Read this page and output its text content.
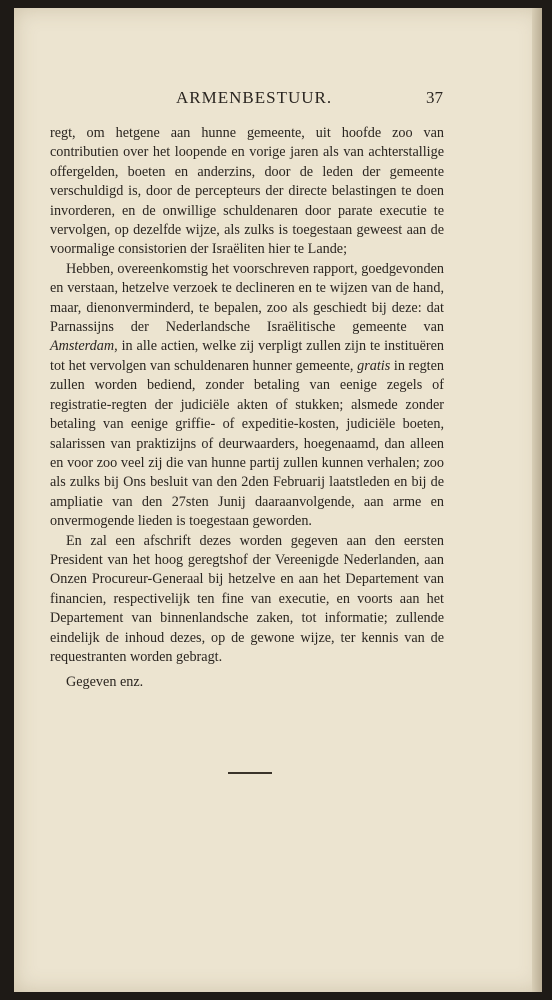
ARMENBESTUUR.	37

regt, om hetgene aan hunne gemeente, uit hoofde zoo van contributien over het loopende en vorige jaren als van achterstallige offergelden, boeten en anderzins, door de leden der gemeente verschuldigd is, door de percepteurs der directe belastingen te doen invorderen, en de onwillige schuldenaren door parate executie te vervolgen, op dezelfde wijze, als zulks is toegestaan geweest aan de voormalige consistorien der Israëliten hier te Lande;

Hebben, overeenkomstig het voorschreven rapport, goedgevonden en verstaan, hetzelve verzoek te declineren en te wijzen van de hand, maar, dienonverminderd, te bepalen, zoo als geschiedt bij deze: dat Parnassijns der Nederlandsche Israëlitische gemeente van Amsterdam, in alle actien, welke zij verpligt zullen zijn te instituëren tot het vervolgen van schuldenaren hunner gemeente, gratis in regten zullen worden bediend, zonder betaling van eenige zegels of registratie-regten der judiciële akten of stukken; alsmede zonder betaling van eenige griffie- of expeditie-kosten, judiciële boeten, salarissen van praktizijns of deurwaarders, hoegenaamd, dan alleen en voor zoo veel zij die van hunne partij zullen kunnen verhalen; zoo als zulks bij Ons besluit van den 2den Februarij laatstleden en bij de ampliatie van den 27sten Junij daaraanvolgende, aan arme en onvermogende lieden is toegestaan geworden.

En zal een afschrift dezes worden gegeven aan den eersten President van het hoog geregtshof der Vereenigde Nederlanden, aan Onzen Procureur-Generaal bij hetzelve en aan het Departement van financien, respectivelijk ten fine van executie, en voorts aan het Departement van binnenlandsche zaken, tot informatie; zullende eindelijk de inhoud dezes, op de gewone wijze, ter kennis van de requestranten worden gebragt.

Gegeven enz.
